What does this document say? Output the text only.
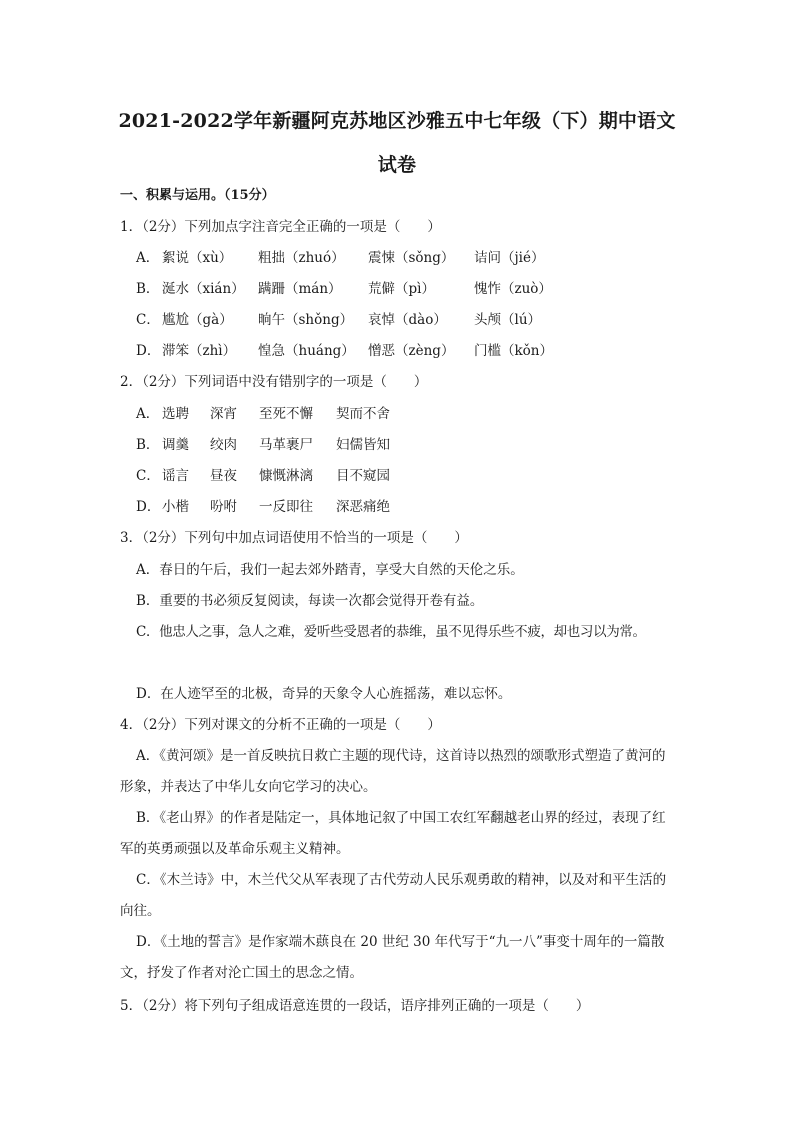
2021-2022学年新疆阿克苏地区沙雅五中七年级（下）期中语文
试卷
一、积累与运用。（15分）
1．（2分）下列加点字注音完全正确的一项是（　　）
A． 絮说（xù） 粗拙（zhuó） 震悚（sǒng） 诘问（jié）
B． 涎水（xián） 蹒跚（mán） 荒僻（pì）	愧怍（zuò）
C． 尴尬（gà） 晌午（shǒng） 哀悼（dào） 头颅（lú）
D． 滞笨（zhì） 惶急（huáng） 憎恶（zèng） 门槛（kǒn）
2．（2分）下列词语中没有错别字的一项是（　　）
A． 选聘 深宵 至死不懈 契而不舍
B． 调羹 绞肉 马革裹尸 妇儒皆知
C． 谣言 昼夜 慷慨淋漓 目不窥园
D． 小楷 吩咐 一反即往 深恶痛绝
3．（2分）下列句中加点词语使用不恰当的一项是（　　）
A．春日的午后，我们一起去郊外踏青，享受大自然的天伦之乐。
B．重要的书必须反复阅读，每读一次都会觉得开卷有益。
C．他忠人之事，急人之难，爱听些受恩者的恭维，虽不见得乐些不疲，却也习以为常。
D．在人迹罕至的北极，奇异的天象令人心旌摇荡，难以忘怀。
4．（2分）下列对课文的分析不正确的一项是（　　）
A．《黄河颂》是一首反映抗日救亡主题的现代诗，这首诗以热烈的颂歌形式塑造了黄河的形象，并表达了中华儿女向它学习的决心。
B．《老山界》的作者是陆定一，具体地记叙了中国工农红军翻越老山界的经过，表现了红军的英勇顽强以及革命乐观主义精神。
C．《木兰诗》中，木兰代父从军表现了古代劳动人民乐观勇敢的精神，以及对和平生活的向往。
D．《土地的誓言》是作家端木蕻良在 20 世纪 30 年代写于“九一八”事变十周年的一篇散文，抒发了作者对沦亡国土的思念之情。
5．（2分）将下列句子组成语意连贯的一段话，语序排列正确的一项是（　　）
